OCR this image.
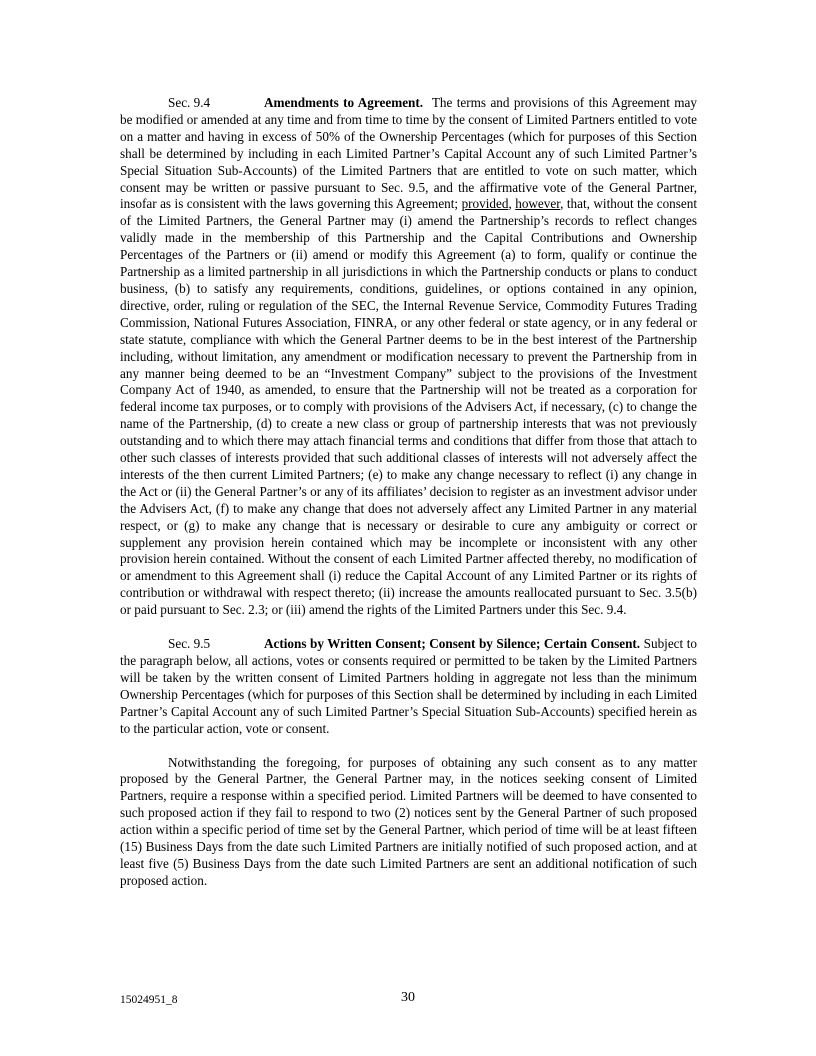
Sec. 9.4	Amendments to Agreement. The terms and provisions of this Agreement may be modified or amended at any time and from time to time by the consent of Limited Partners entitled to vote on a matter and having in excess of 50% of the Ownership Percentages (which for purposes of this Section shall be determined by including in each Limited Partner’s Capital Account any of such Limited Partner’s Special Situation Sub-Accounts) of the Limited Partners that are entitled to vote on such matter, which consent may be written or passive pursuant to Sec. 9.5, and the affirmative vote of the General Partner, insofar as is consistent with the laws governing this Agreement; provided, however, that, without the consent of the Limited Partners, the General Partner may (i) amend the Partnership’s records to reflect changes validly made in the membership of this Partnership and the Capital Contributions and Ownership Percentages of the Partners or (ii) amend or modify this Agreement (a) to form, qualify or continue the Partnership as a limited partnership in all jurisdictions in which the Partnership conducts or plans to conduct business, (b) to satisfy any requirements, conditions, guidelines, or options contained in any opinion, directive, order, ruling or regulation of the SEC, the Internal Revenue Service, Commodity Futures Trading Commission, National Futures Association, FINRA, or any other federal or state agency, or in any federal or state statute, compliance with which the General Partner deems to be in the best interest of the Partnership including, without limitation, any amendment or modification necessary to prevent the Partnership from in any manner being deemed to be an “Investment Company” subject to the provisions of the Investment Company Act of 1940, as amended, to ensure that the Partnership will not be treated as a corporation for federal income tax purposes, or to comply with provisions of the Advisers Act, if necessary, (c) to change the name of the Partnership, (d) to create a new class or group of partnership interests that was not previously outstanding and to which there may attach financial terms and conditions that differ from those that attach to other such classes of interests provided that such additional classes of interests will not adversely affect the interests of the then current Limited Partners; (e) to make any change necessary to reflect (i) any change in the Act or (ii) the General Partner’s or any of its affiliates’ decision to register as an investment advisor under the Advisers Act, (f) to make any change that does not adversely affect any Limited Partner in any material respect, or (g) to make any change that is necessary or desirable to cure any ambiguity or correct or supplement any provision herein contained which may be incomplete or inconsistent with any other provision herein contained. Without the consent of each Limited Partner affected thereby, no modification of or amendment to this Agreement shall (i) reduce the Capital Account of any Limited Partner or its rights of contribution or withdrawal with respect thereto; (ii) increase the amounts reallocated pursuant to Sec. 3.5(b) or paid pursuant to Sec. 2.3; or (iii) amend the rights of the Limited Partners under this Sec. 9.4.

Sec. 9.5	Actions by Written Consent; Consent by Silence; Certain Consent. Subject to the paragraph below, all actions, votes or consents required or permitted to be taken by the Limited Partners will be taken by the written consent of Limited Partners holding in aggregate not less than the minimum Ownership Percentages (which for purposes of this Section shall be determined by including in each Limited Partner’s Capital Account any of such Limited Partner’s Special Situation Sub-Accounts) specified herein as to the particular action, vote or consent.

Notwithstanding the foregoing, for purposes of obtaining any such consent as to any matter proposed by the General Partner, the General Partner may, in the notices seeking consent of Limited Partners, require a response within a specified period. Limited Partners will be deemed to have consented to such proposed action if they fail to respond to two (2) notices sent by the General Partner of such proposed action within a specific period of time set by the General Partner, which period of time will be at least fifteen (15) Business Days from the date such Limited Partners are initially notified of such proposed action, and at least five (5) Business Days from the date such Limited Partners are sent an additional notification of such proposed action.

15024951_8	30
